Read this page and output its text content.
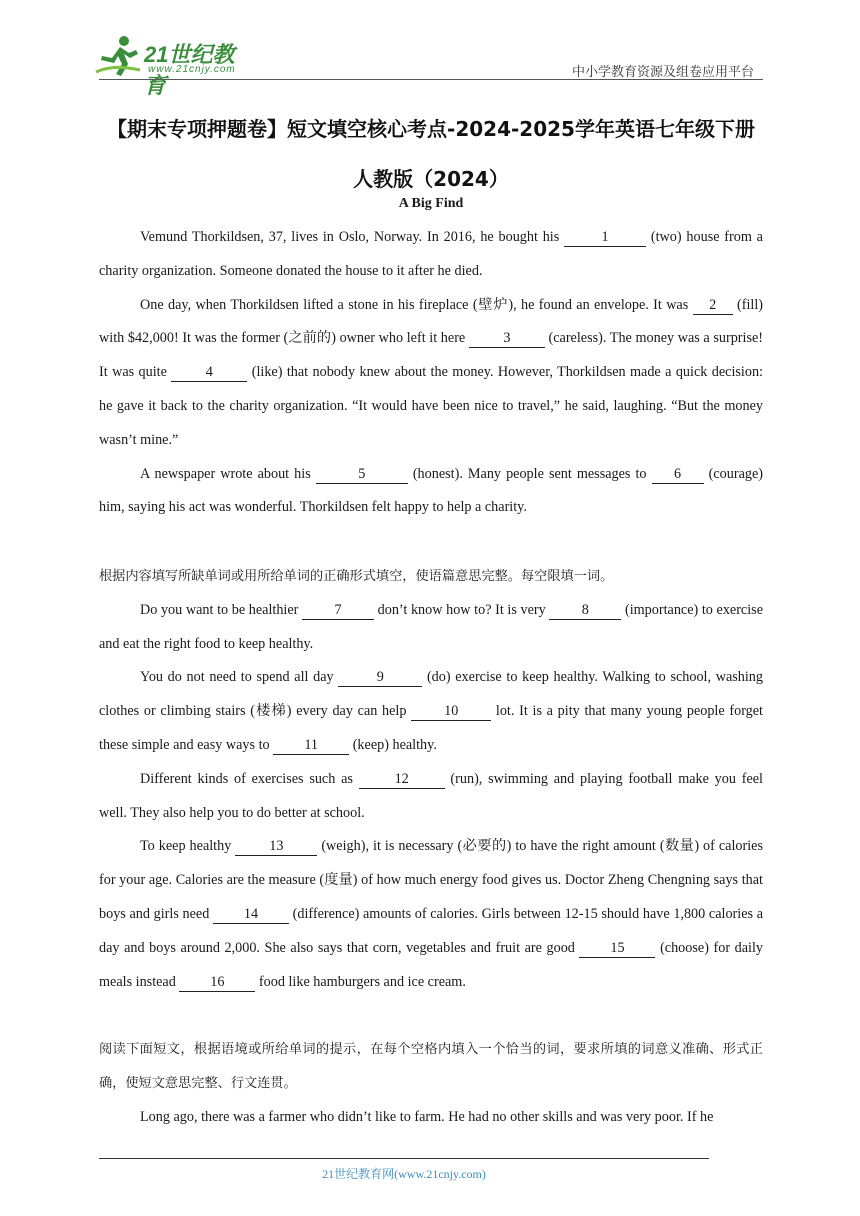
21世纪教育
www.21cnjy.com	中小学教育资源及组卷应用平台
【期末专项押题卷】短文填空核心考点-2024-2025学年英语七年级下册人教版（2024）
A Big Find

Vemund Thorkildsen, 37, lives in Oslo, Norway. In 2016, he bought his	1	(two) house from a charity organization. Someone donated the house to it after he died.

One day, when Thorkildsen lifted a stone in his fireplace (壁炉), he found an envelope. It was 2 (fill) with $42,000! It was the former (之前的) owner who left it here 3 (careless). The money was a surprise! It was quite 4 (like) that nobody knew about the money. However, Thorkildsen made a quick decision: he gave it back to the charity organization. “It would have been nice to travel,” he said, laughing. “But the money wasn’t mine.”

A newspaper wrote about his	5	(honest). Many people sent messages to 6 (courage) him, saying his act was wonderful. Thorkildsen felt happy to help a charity.

根据内容填写所缺单词或用所给单词的正确形式填空，使语篇意思完整。每空限填一词。

Do you want to be healthier 7 don’t know how to? It is very 8 (importance) to exercise and eat the right food to keep healthy.

You do not need to spend all day	9	(do) exercise to keep healthy. Walking to school, washing clothes or climbing stairs (楼梯) every day can help 10 lot. It is a pity that many young people forget these simple and easy ways to 11 (keep) healthy.

Different kinds of exercises such as	12	(run), swimming and playing football make you feel well. They also help you to do better at school.

To keep healthy 13 (weigh), it is necessary (必要的) to have the right amount (数量) of calories for your age. Calories are the measure (度量) of how much energy food gives us. Doctor Zheng Chengning says that boys and girls need 14 (difference) amounts of calories. Girls between 12-15 should have 1,800 calories a day and boys around 2,000. She also says that corn, vegetables and fruit are good 15 (choose) for daily meals instead 16 food like hamburgers and ice cream.

阅读下面短文，根据语境或所给单词的提示，在每个空格内填入一个恰当的词，要求所填的词意义准确、形式正确，使短文意思完整、行文连贯。

Long ago, there was a farmer who didn’t like to farm. He had no other skills and was very poor. If he

21世纪教育网(www.21cnjy.com)
